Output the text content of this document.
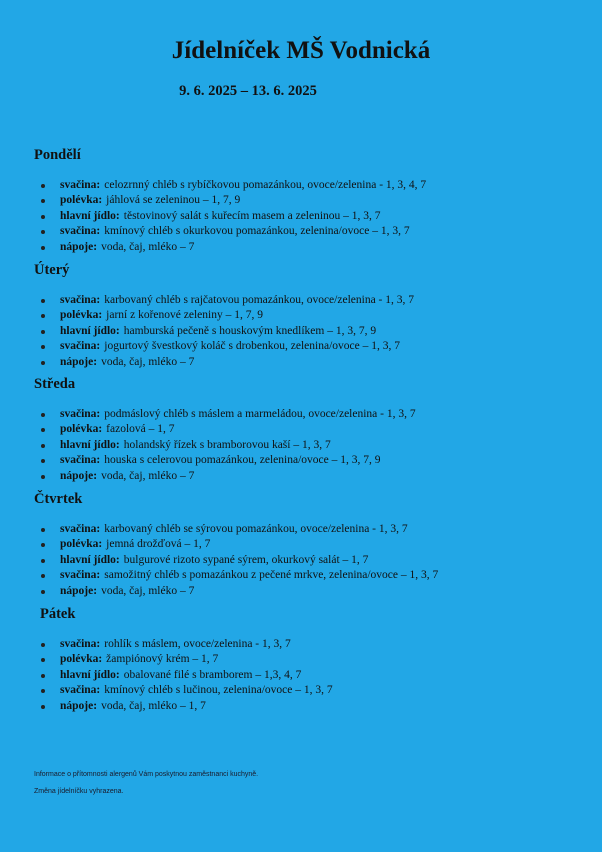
Jídelníček MŠ Vodnická

9. 6. 2025 – 13. 6. 2025

Pondělí
svačina: celozrnný chléb s rybíčkovou pomazánkou, ovoce/zelenina - 1, 3, 4, 7
polévka: jáhlová se zeleninou – 1, 7, 9
hlavní jídlo: těstovinový salát s kuřecím masem a zeleninou – 1, 3, 7
svačina: kmínový chléb s okurkovou pomazánkou, zelenina/ovoce – 1, 3, 7
nápoje: voda, čaj, mléko – 7
Úterý
svačina: karbovaný chléb s rajčatovou pomazánkou, ovoce/zelenina - 1, 3, 7
polévka: jarní z kořenové zeleniny – 1, 7, 9
hlavní jídlo: hamburská pečeně s houskovým knedlíkem – 1, 3, 7, 9
svačina: jogurtový švestkový koláč s drobenkou, zelenina/ovoce – 1, 3, 7
nápoje: voda, čaj, mléko – 7
Středa
svačina: podmáslový chléb s máslem a marmeládou, ovoce/zelenina - 1, 3, 7
polévka: fazolová – 1, 7
hlavní jídlo: holandský řízek s bramborovou kaší – 1, 3, 7
svačina: houska s celerovou pomazánkou, zelenina/ovoce – 1, 3, 7, 9
nápoje: voda, čaj, mléko – 7
Čtvrtek
svačina: karbovaný chléb se sýrovou pomazánkou, ovoce/zelenina - 1, 3, 7
polévka: jemná drožďová – 1, 7
hlavní jídlo: bulgurové rizoto sypané sýrem, okurkový salát – 1, 7
svačina: samožitný chléb s pomazánkou z pečené mrkve, zelenina/ovoce – 1, 3, 7
nápoje: voda, čaj, mléko – 7
Pátek
svačina: rohlík s máslem, ovoce/zelenina - 1, 3, 7
polévka: žampiónový krém – 1, 7
hlavní jídlo: obalované filé s bramborem – 1,3, 4, 7
svačina: kmínový chléb s lučinou, zelenina/ovoce – 1, 3, 7
nápoje: voda, čaj, mléko – 1, 7

Informace o přítomnosti alergenů Vám poskytnou zaměstnanci kuchyně.

Změna jídelníčku vyhrazena.
